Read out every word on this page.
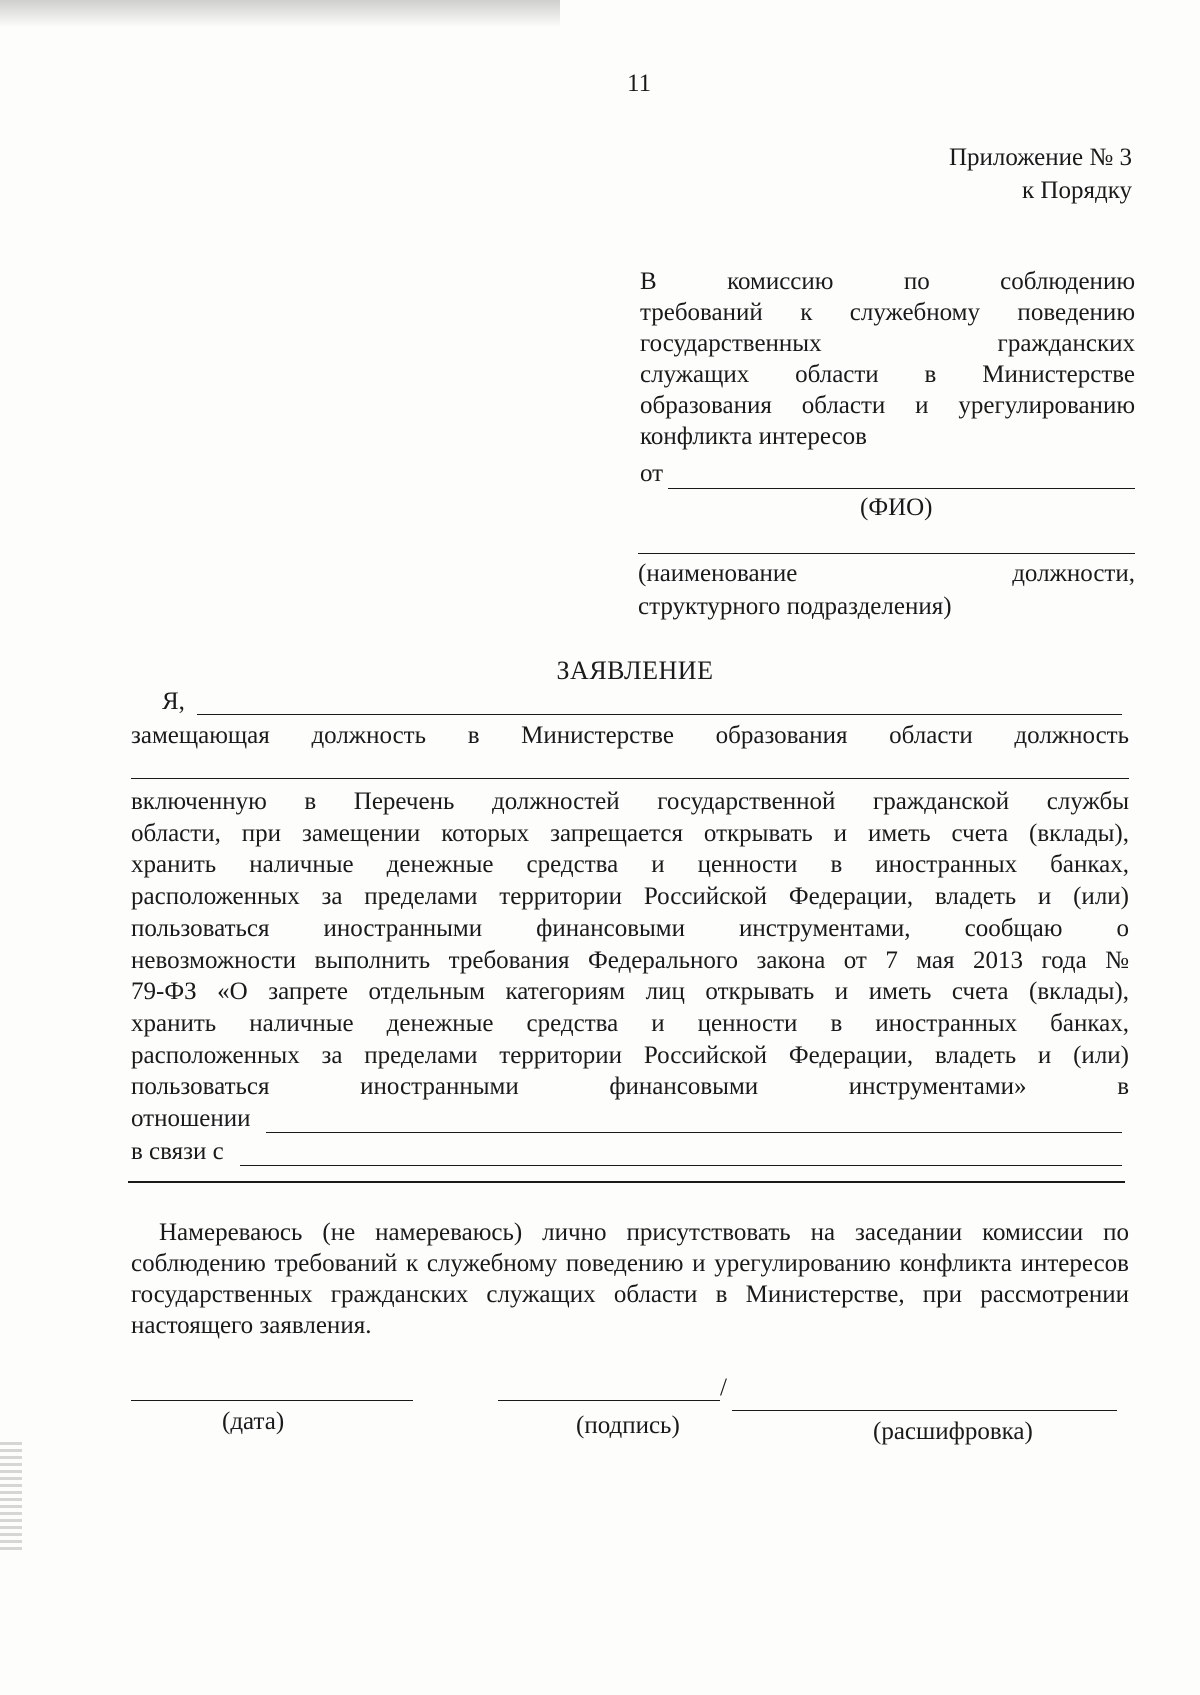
11
Приложение № 3
к Порядку
В комиссию по соблюдению
требований к служебному поведению
государственных гражданских
служащих области в Министерстве
образования области и урегулированию
конфликта интересов
от
(ФИО)
(наименование должности,
структурного подразделения)
ЗАЯВЛЕНИЕ
Я,
замещающая должность в Министерстве образования области должность
включенную в Перечень должностей государственной гражданской службы
области, при замещении которых запрещается открывать и иметь счета (вклады),
хранить наличные денежные средства и ценности в иностранных банках,
расположенных за пределами территории Российской Федерации, владеть и (или)
пользоваться иностранными финансовыми инструментами, сообщаю о
невозможности выполнить требования Федерального закона от 7 мая 2013 года №
79-ФЗ «О запрете отдельным категориям лиц открывать и иметь счета (вклады),
хранить наличные денежные средства и ценности в иностранных банках,
расположенных за пределами территории Российской Федерации, владеть и (или)
пользоваться иностранными финансовыми инструментами» в
отношении
в связи с
Намереваюсь (не намереваюсь) лично присутствовать на заседании комиссии по соблюдению требований к служебному поведению и урегулированию конфликта интересов государственных гражданских служащих области в Министерстве, при рассмотрении настоящего заявления.
(дата)
/
(подпись)	(расшифровка)
